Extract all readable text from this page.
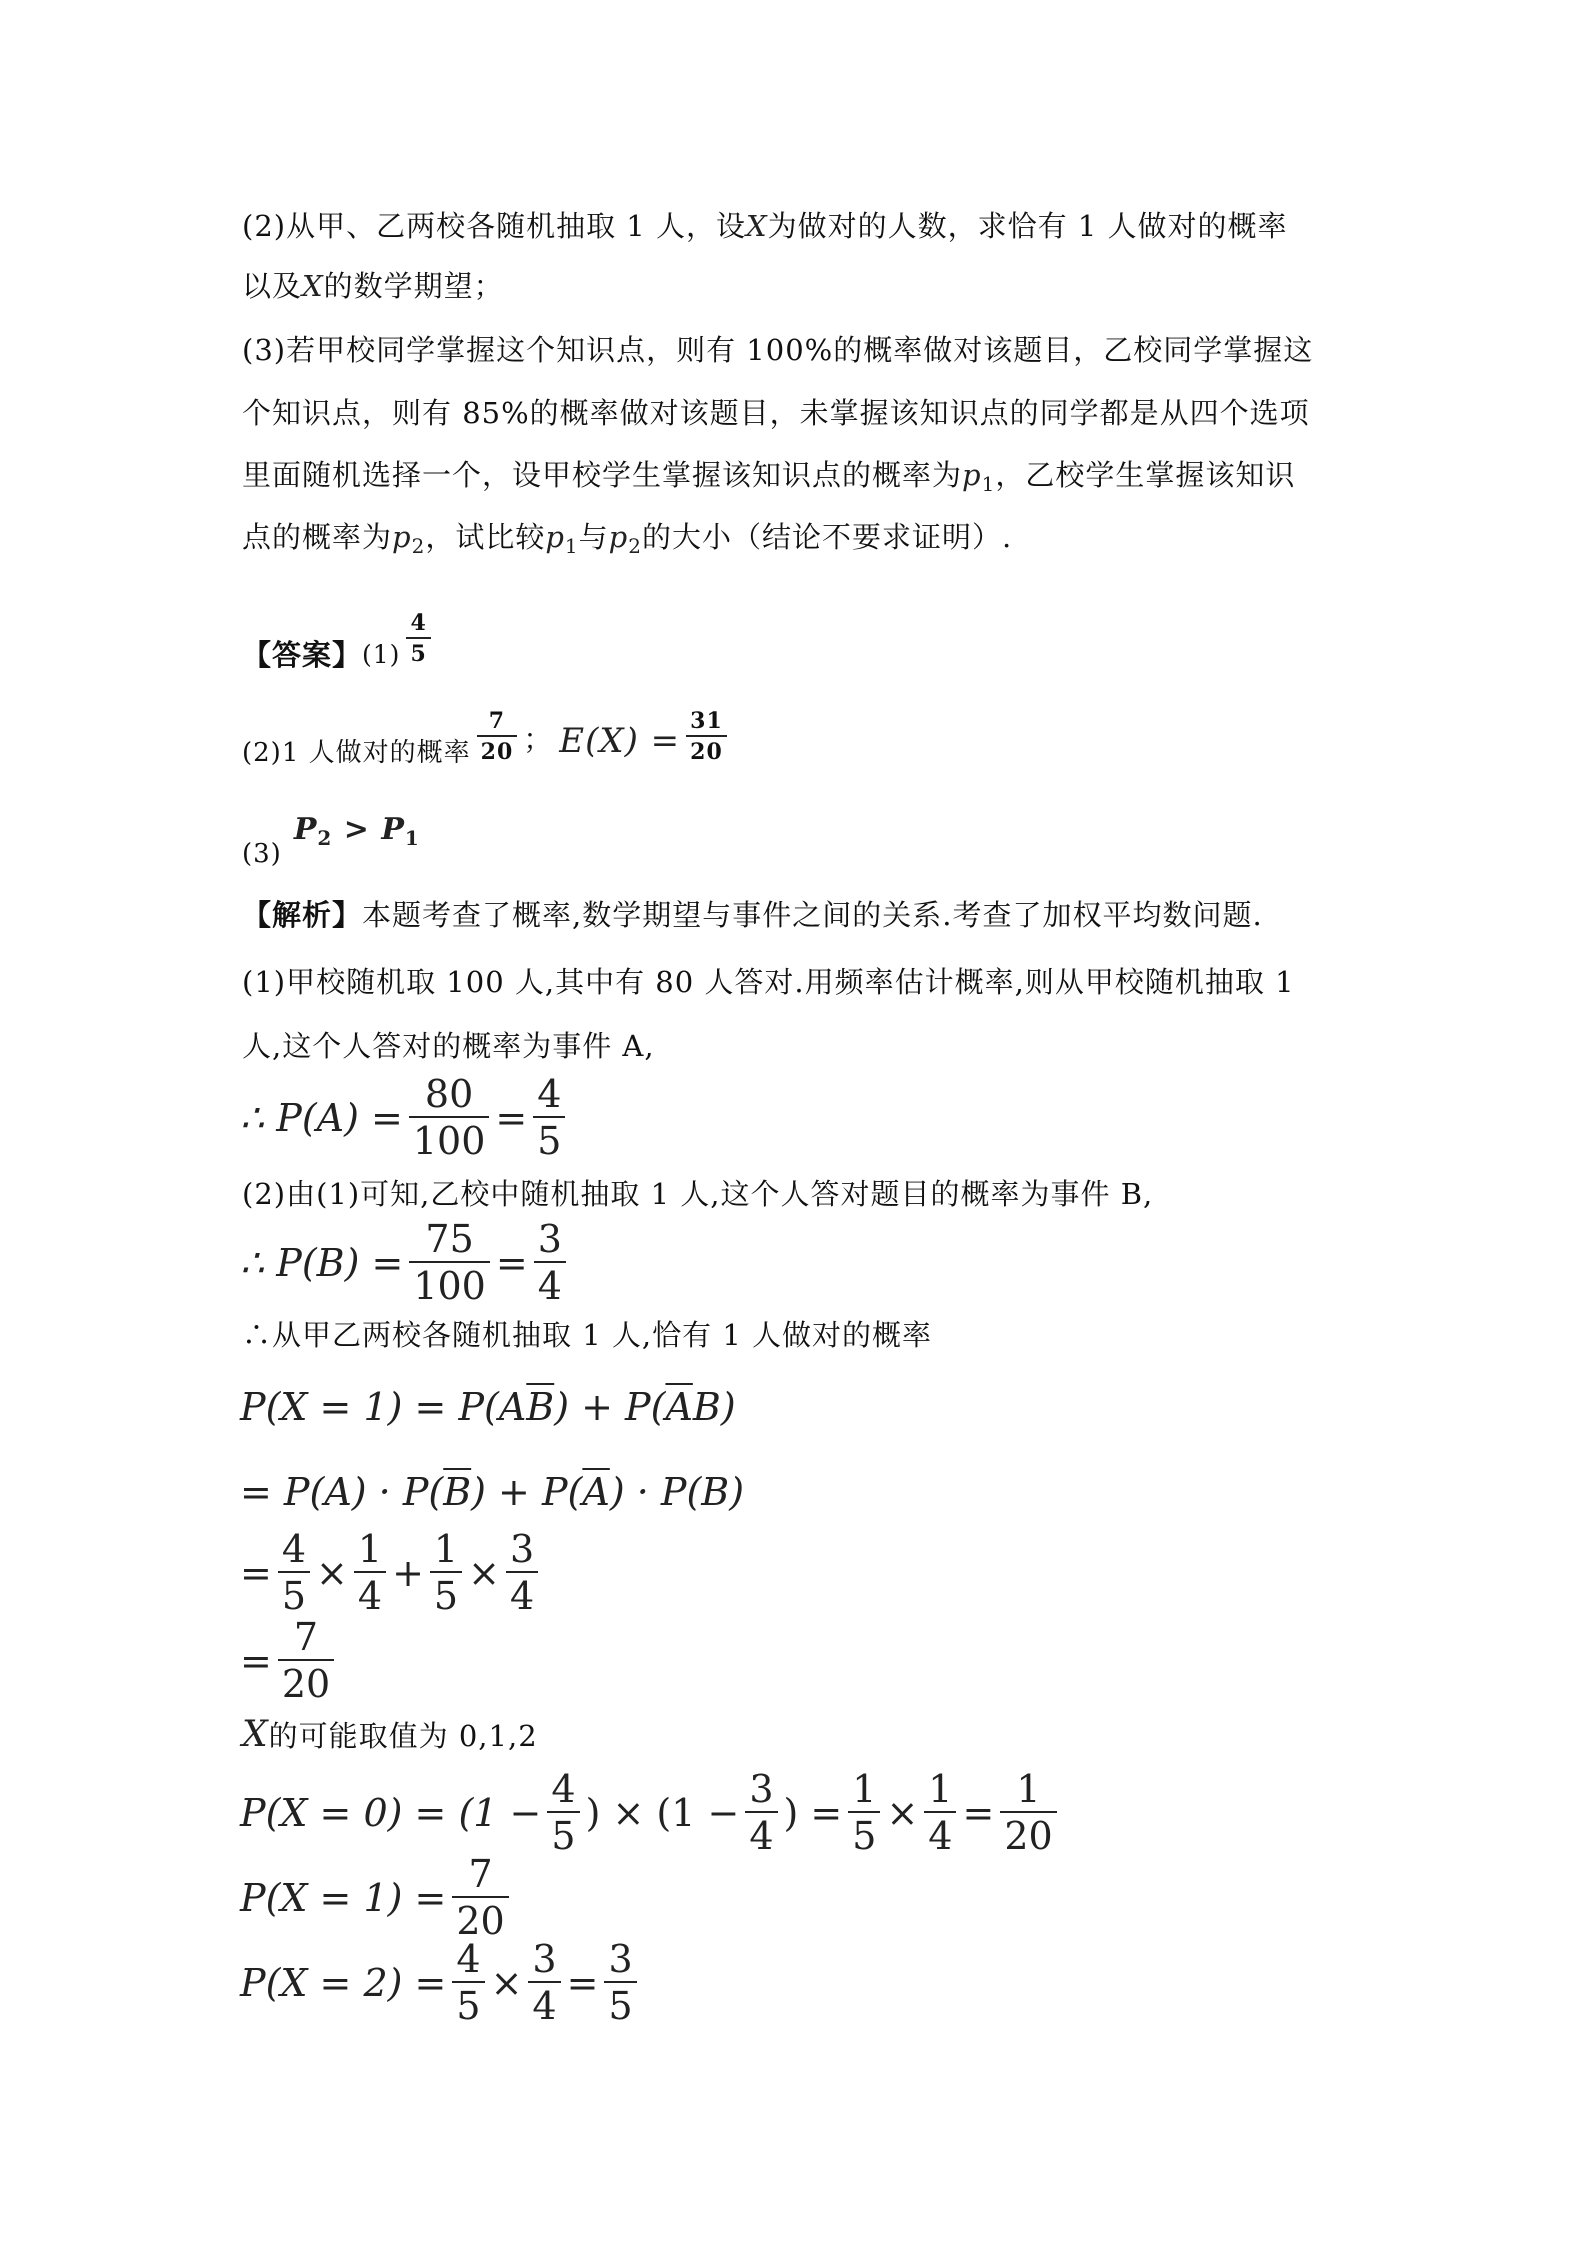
(2)从甲、乙两校各随机抽取 1 人，设X为做对的人数，求恰有 1 人做对的概率
以及X的数学期望；
(3)若甲校同学掌握这个知识点，则有 100%的概率做对该题目，乙校同学掌握这
个知识点，则有 85%的概率做对该题目，未掌握该知识点的同学都是从四个选项
里面随机选择一个，设甲校学生掌握该知识点的概率为$p_1$，乙校学生掌握该知识
点的概率为$p_2$，试比较$p_1$与$p_2$的大小（结论不要求证明）.
【答案】 $(1) \frac{4}{5}$
(2)1 人做对的概率 $\frac{7}{20}$ ； $E(X) = \frac{31}{20}$
(3)
$P_2 > P_1$
【解析】本题考查了概率,数学期望与事件之间的关系.考查了加权平均数问题.
(1)甲校随机取 100 人,其中有 80 人答对.用频率估计概率,则从甲校随机抽取 1
人,这个人答对的概率为事件 A,
∴ $P(A) = \frac{80}{100} = \frac{4}{5}$
(2)由(1)可知,乙校中随机抽取 1 人,这个人答对题目的概率为事件 B,
∴ $P(B) = \frac{75}{100} = \frac{3}{4}$
∴从甲乙两校各随机抽取 1 人,恰有 1 人做对的概率
P(X = 1) = P(A $\overline{B}$ ) + P( $\overline{A}$ B)
= P(A) · P( $\overline{B}$ ) + P( $\overline{A}$ ) · P(B)
= $\frac{4}{5} \times \frac{1}{4} + \frac{1}{5} \times \frac{3}{4}$
= $\frac{7}{20}$
X的可能取值为 0,1,2
$P(X = 0) = (1 - \frac{4}{5}$ ) × ($1 - \frac{3}{4}$ ) = $\frac{1}{5} \times \frac{1}{4} = \frac{1}{20}$
$P(X = 1) = \frac{7}{20}$
$P(X = 2) = \frac{4}{5} \times \frac{3}{4} = \frac{3}{5}$
